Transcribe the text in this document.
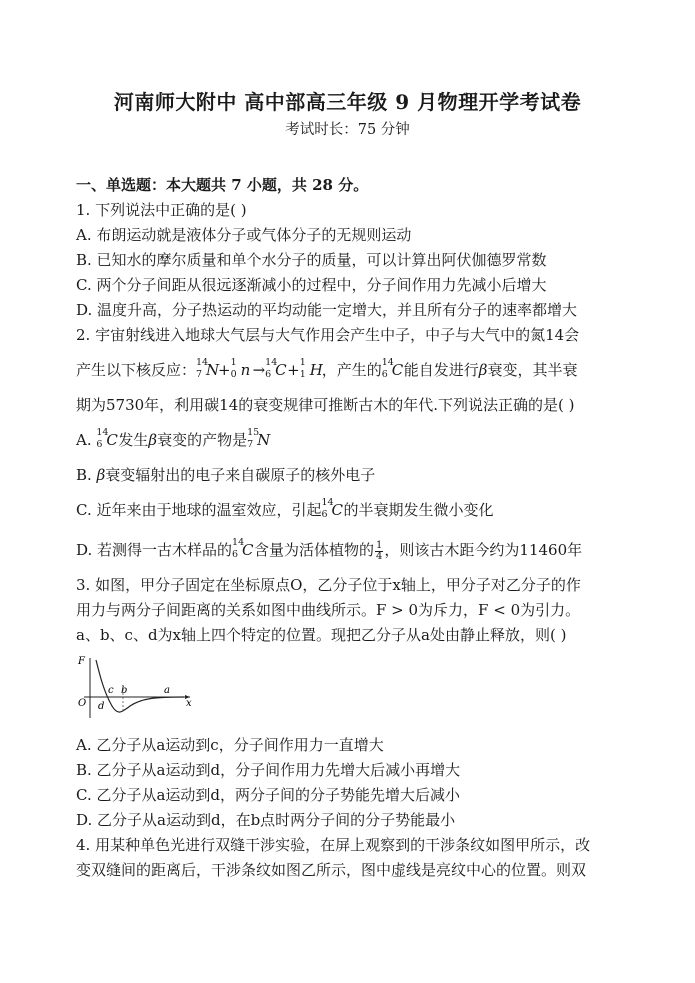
河南师大附中 高中部高三年级 9 月物理开学考试卷
考试时长：75 分钟
一、单选题：本大题共 7 小题，共 28 分。
1. 下列说法中正确的是( )
A. 布朗运动就是液体分子或气体分子的无规则运动
B. 已知水的摩尔质量和单个水分子的质量，可以计算出阿伏伽德罗常数
C. 两个分子间距从很远逐渐减小的过程中，分子间作用力先减小后增大
D. 温度升高，分子热运动的平均动能一定增大，并且所有分子的速率都增大
2. 宇宙射线进入地球大气层与大气作用会产生中子，中子与大气中的氮14会
产生以下核反应： 14
7 N
+ 1
0 n → 14
6 C + 1
1 H
，产生的 14
6 C 能自发进行β衰变，其半衰
期为5730年，利用碳14的衰变规律可推断古木的年代.下列说法正确的是( )
A. 14
6 C 发生β衰变的产物是 15
7 N
B. β衰变辐射出的电子来自碳原子的核外电子
C. 近年来由于地球的温室效应，引起 14
6 C 的半衰期发生微小变化
D. 若测得一古木样品的 14
6 C 含量为活体植物的 $\frac{1}{4}$ ，则该古木距今约为11460年
3. 如图，甲分子固定在坐标原点O，乙分子位于x轴上，甲分子对乙分子的作
用力与两分子间距离的关系如图中曲线所示。F > 0为斥力，F < 0为引力。
a、b、c、d为x轴上四个特定的位置。现把乙分子从a处由静止释放，则( )
F
O	x
d
c b	a
A. 乙分子从a运动到c，分子间作用力一直增大
B. 乙分子从a运动到d，分子间作用力先增大后减小再增大
C. 乙分子从a运动到d，两分子间的分子势能先增大后减小
D. 乙分子从a运动到d，在b点时两分子间的分子势能最小
4. 用某种单色光进行双缝干涉实验，在屏上观察到的干涉条纹如图甲所示，改
变双缝间的距离后，干涉条纹如图乙所示，图中虚线是亮纹中心的位置。则双
